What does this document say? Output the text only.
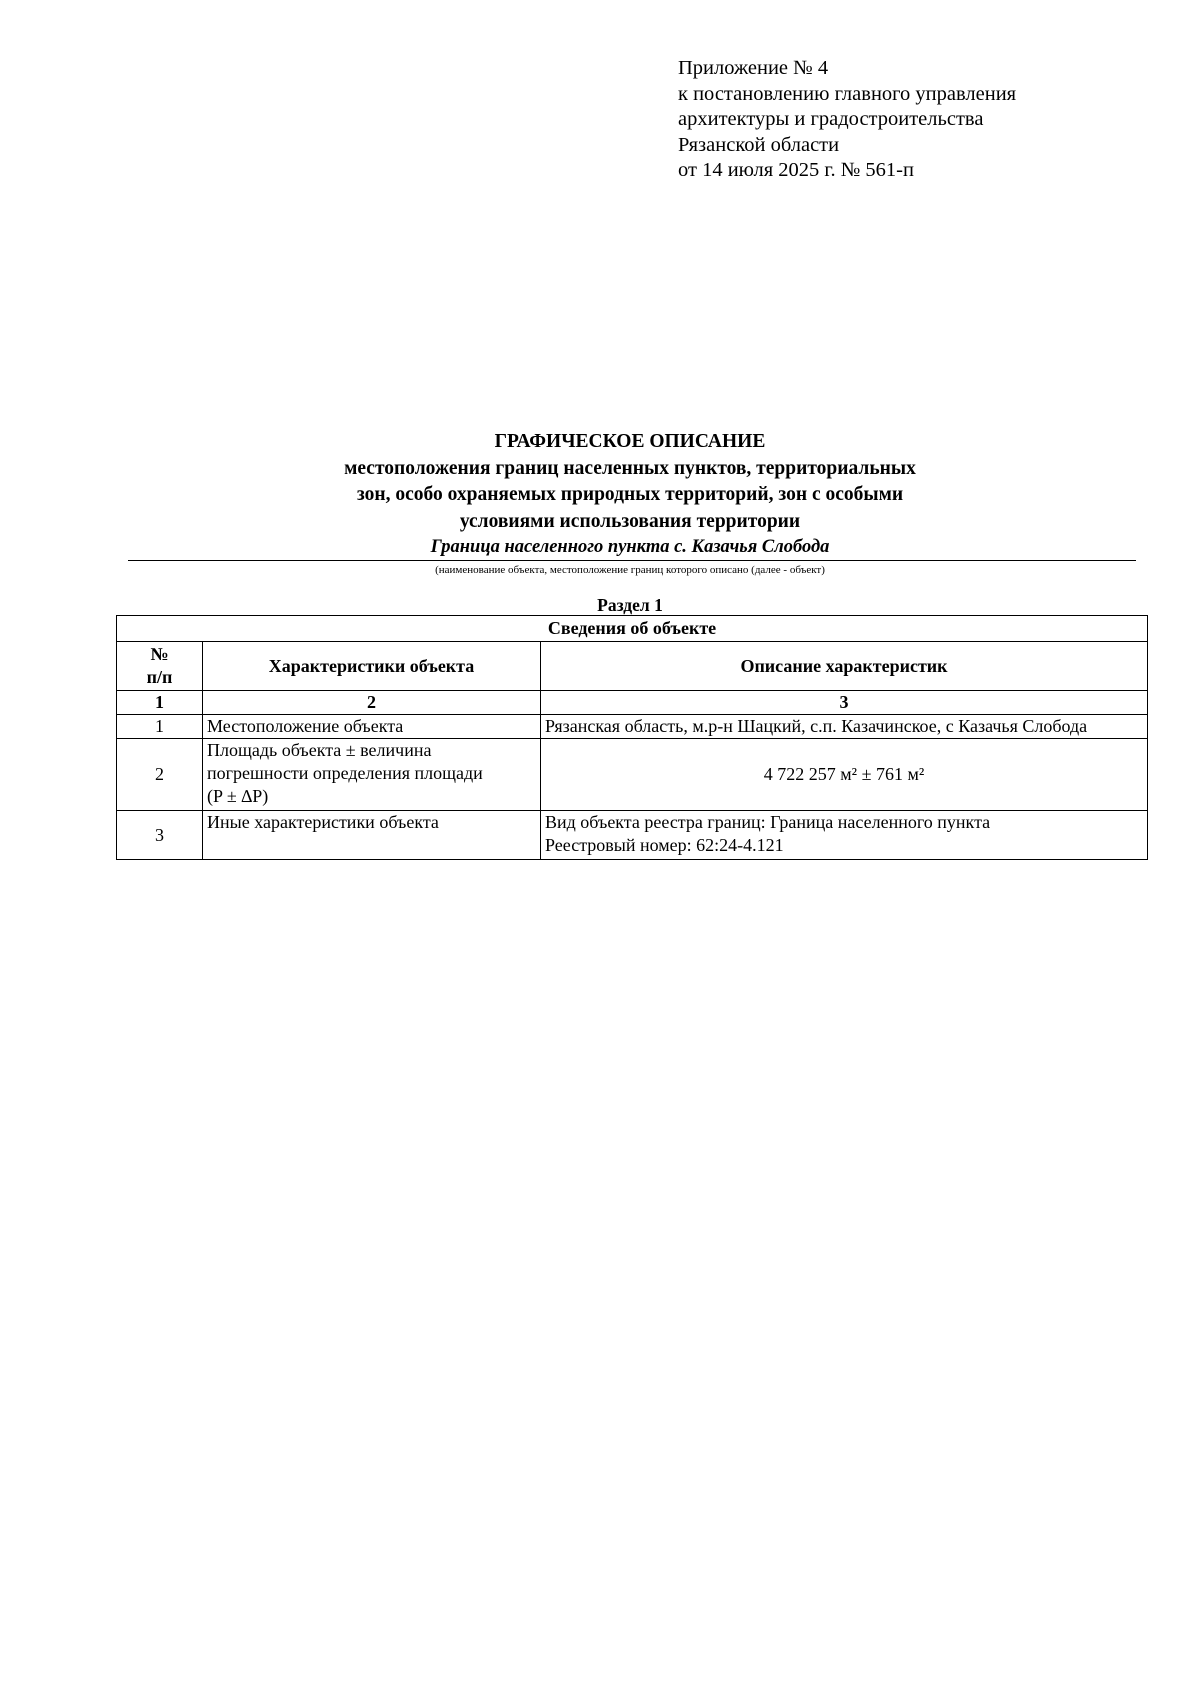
Приложение № 4
к постановлению главного управления
архитектуры и градостроительства
Рязанской области
от 14 июля 2025 г. № 561-п
ГРАФИЧЕСКОЕ ОПИСАНИЕ
местоположения границ населенных пунктов, территориальных
зон, особо охраняемых природных территорий, зон с особыми
условиями использования территории
Граница населенного пункта с. Казачья Слобода
(наименование объекта, местоположение границ которого описано (далее - объект)
Раздел 1
Сведения об объекте		

№
п/п	Характеристики объекта	Описание характеристик
1	2	3
1	Местоположение объекта	Рязанская область, м.р-н Шацкий, с.п. Казачинское, с Казачья Слобода
2	Площадь объекта ± величина
погрешности определения площади
(P ± ∆P)	4 722 257 м² ± 761 м²
3	Иные характеристики объекта	Вид объекта реестра границ: Граница населенного пункта
Реестровый номер: 62:24-4.121
